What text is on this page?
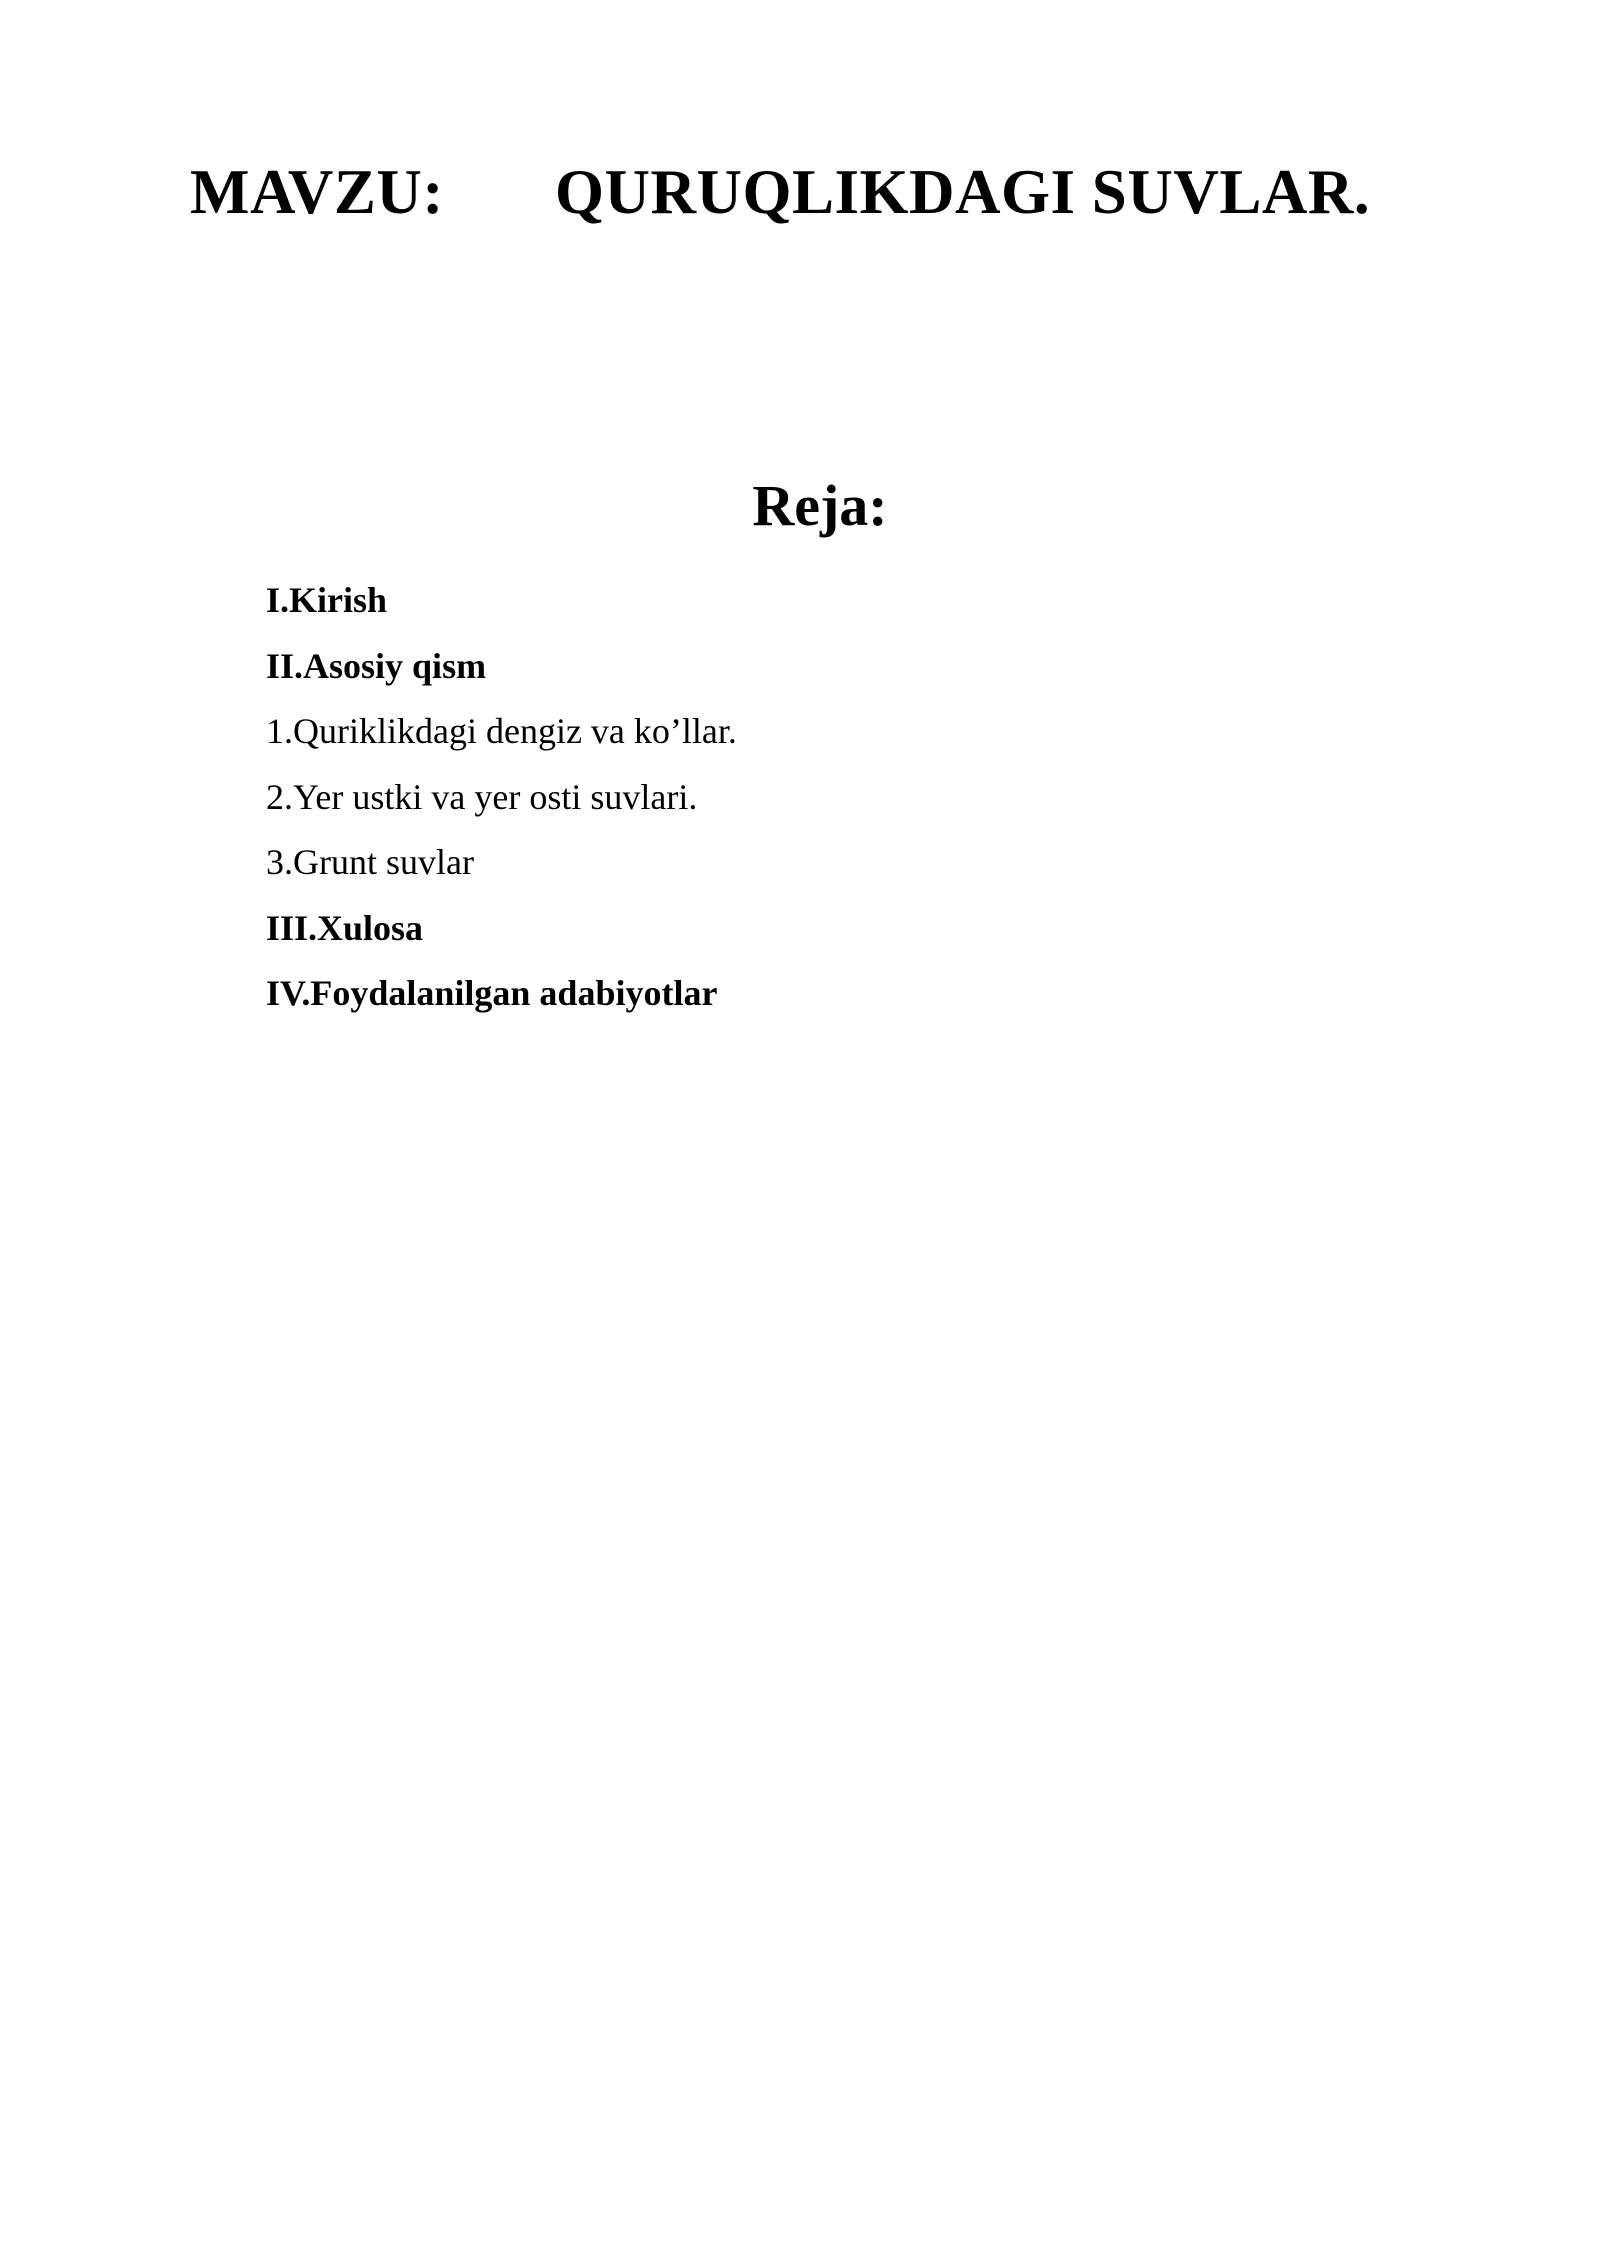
MAVZU: QURUQLIKDAGI SUVLAR.
Reja:
I.Kirish
II.Asosiy qism
1.Quriklikdagi dengiz va ko’llar.
2.Yer ustki va yer osti suvlari.
3.Grunt suvlar
III.Xulosa
IV.Foydalanilgan adabiyotlar
